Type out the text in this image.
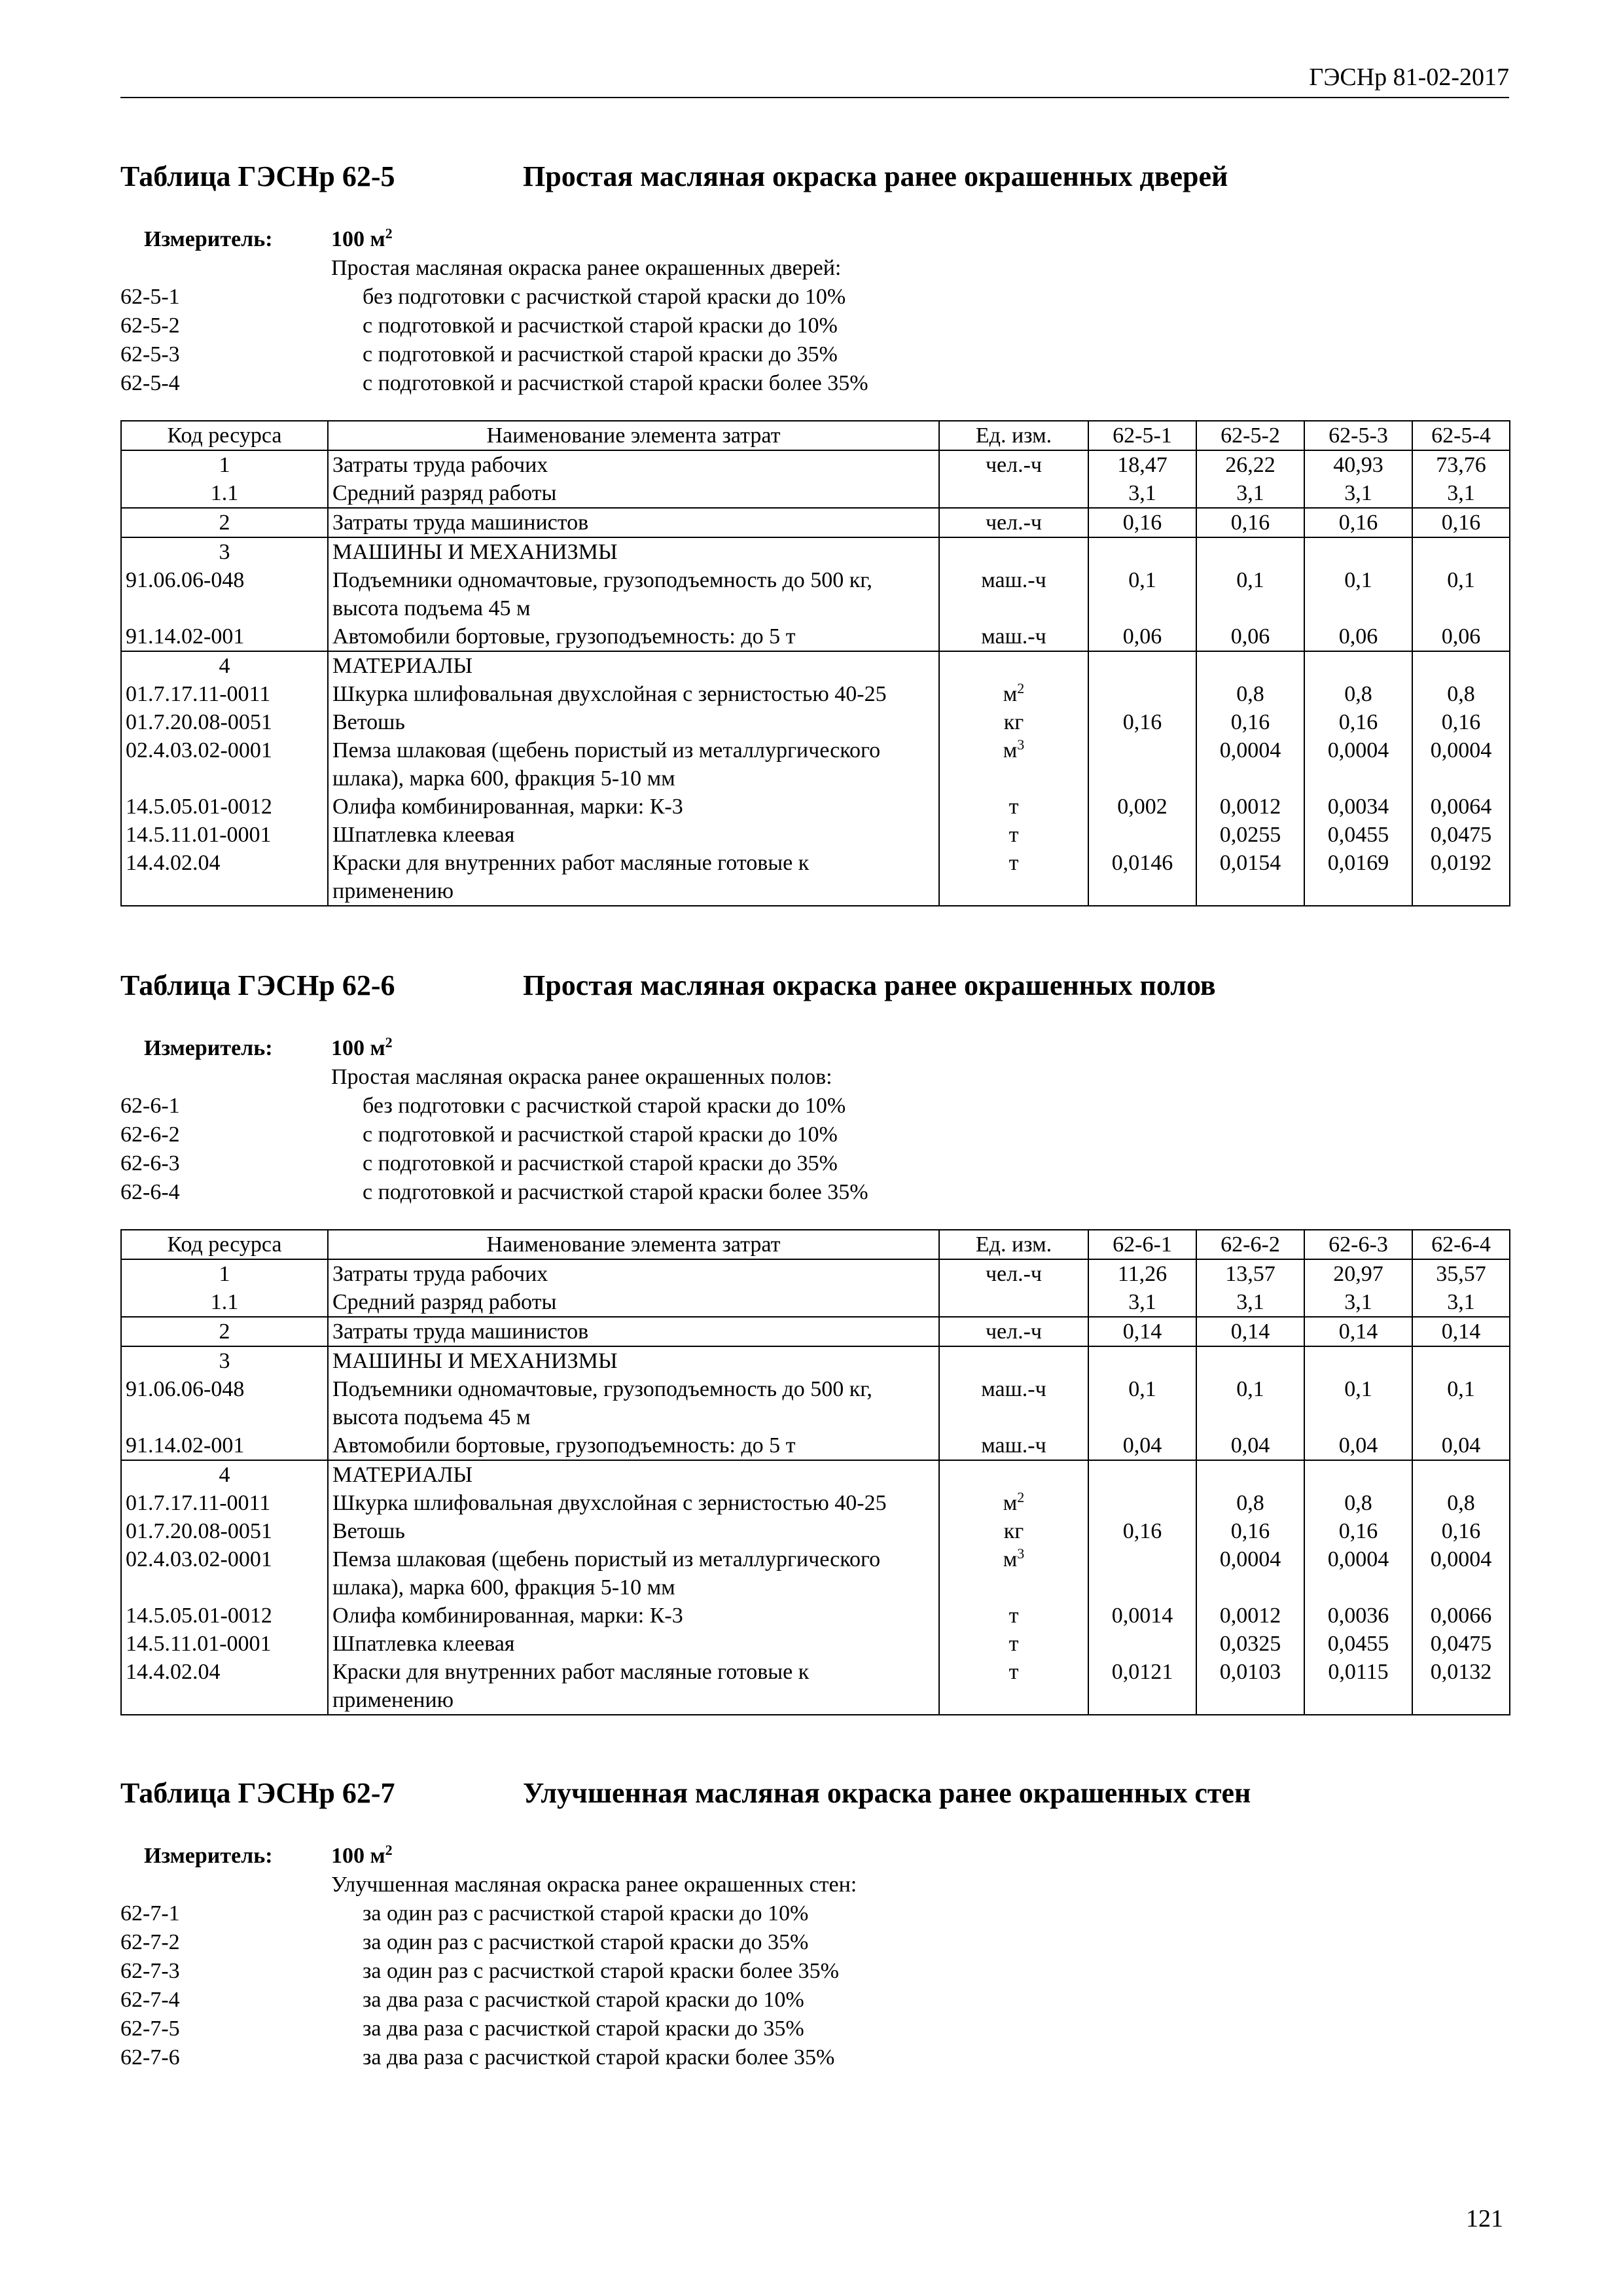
ГЭСНр 81-02-2017
Таблица ГЭСНр 62-5	Простая масляная окраска ранее окрашенных дверей
Измеритель:	100 $м^2$
Простая масляная окраска ранее окрашенных дверей:
62-5-1	без подготовки с расчисткой старой краски до 10%
62-5-2	с подготовкой и расчисткой старой краски до 10%
62-5-3	с подготовкой и расчисткой старой краски до 35%
62-5-4	с подготовкой и расчисткой старой краски более 35%
Код ресурса	Наименование элемента затрат	Ед. изм.	62-5-1	62-5-2	62-5-3	62-5-4
1	Затраты труда рабочих	чел.-ч	18,47	26,22	40,93	73,76
1.1	Средний разряд работы		3,1	3,1	3,1	3,1
2	Затраты труда машинистов	чел.-ч	0,16	0,16	0,16	0,16
3	МАШИНЫ И МЕХАНИЗМЫ					
91.06.06-048	Подъемники одномачтовые, грузоподъемность до 500 кг, высота подъема 45 м	маш.-ч	0,1	0,1	0,1	0,1
91.14.02-001	Автомобили бортовые, грузоподъемность: до 5 т	маш.-ч	0,06	0,06	0,06	0,06
4	МАТЕРИАЛЫ					
01.7.17.11-0011	Шкурка шлифовальная двухслойная с зернистостью 40-25	$м^2$		0,8	0,8	0,8
01.7.20.08-0051	Ветошь	кг	0,16	0,16	0,16	0,16
02.4.03.02-0001	Пемза шлаковая (щебень пористый из металлургического шлака), марка 600, фракция 5-10 мм	$м^3$		0,0004	0,0004	0,0004
14.5.05.01-0012	Олифа комбинированная, марки: К-3	т	0,002	0,0012	0,0034	0,0064
14.5.11.01-0001	Шпатлевка клеевая	т		0,0255	0,0455	0,0475
14.4.02.04	Краски для внутренних работ масляные готовые к применению	т	0,0146	0,0154	0,0169	0,0192
Таблица ГЭСНр 62-6	Простая масляная окраска ранее окрашенных полов
Измеритель:	100 $м^2$
Простая масляная окраска ранее окрашенных полов:
62-6-1	без подготовки с расчисткой старой краски до 10%
62-6-2	с подготовкой и расчисткой старой краски до 10%
62-6-3	с подготовкой и расчисткой старой краски до 35%
62-6-4	с подготовкой и расчисткой старой краски более 35%
Код ресурса	Наименование элемента затрат	Ед. изм.	62-6-1	62-6-2	62-6-3	62-6-4
1	Затраты труда рабочих	чел.-ч	11,26	13,57	20,97	35,57
1.1	Средний разряд работы		3,1	3,1	3,1	3,1
2	Затраты труда машинистов	чел.-ч	0,14	0,14	0,14	0,14
3	МАШИНЫ И МЕХАНИЗМЫ					
91.06.06-048	Подъемники одномачтовые, грузоподъемность до 500 кг, высота подъема 45 м	маш.-ч	0,1	0,1	0,1	0,1
91.14.02-001	Автомобили бортовые, грузоподъемность: до 5 т	маш.-ч	0,04	0,04	0,04	0,04
4	МАТЕРИАЛЫ					
01.7.17.11-0011	Шкурка шлифовальная двухслойная с зернистостью 40-25	$м^2$		0,8	0,8	0,8
01.7.20.08-0051	Ветошь	кг	0,16	0,16	0,16	0,16
02.4.03.02-0001	Пемза шлаковая (щебень пористый из металлургического шлака), марка 600, фракция 5-10 мм	$м^3$		0,0004	0,0004	0,0004
14.5.05.01-0012	Олифа комбинированная, марки: К-3	т	0,0014	0,0012	0,0036	0,0066
14.5.11.01-0001	Шпатлевка клеевая	т		0,0325	0,0455	0,0475
14.4.02.04	Краски для внутренних работ масляные готовые к применению	т	0,0121	0,0103	0,0115	0,0132
Таблица ГЭСНр 62-7	Улучшенная масляная окраска ранее окрашенных стен
Измеритель:	100 $м^2$
Улучшенная масляная окраска ранее окрашенных стен:
62-7-1	за один раз с расчисткой старой краски до 10%
62-7-2	за один раз с расчисткой старой краски до 35%
62-7-3	за один раз с расчисткой старой краски более 35%
62-7-4	за два раза с расчисткой старой краски до 10%
62-7-5	за два раза с расчисткой старой краски до 35%
62-7-6	за два раза с расчисткой старой краски более 35%
121
